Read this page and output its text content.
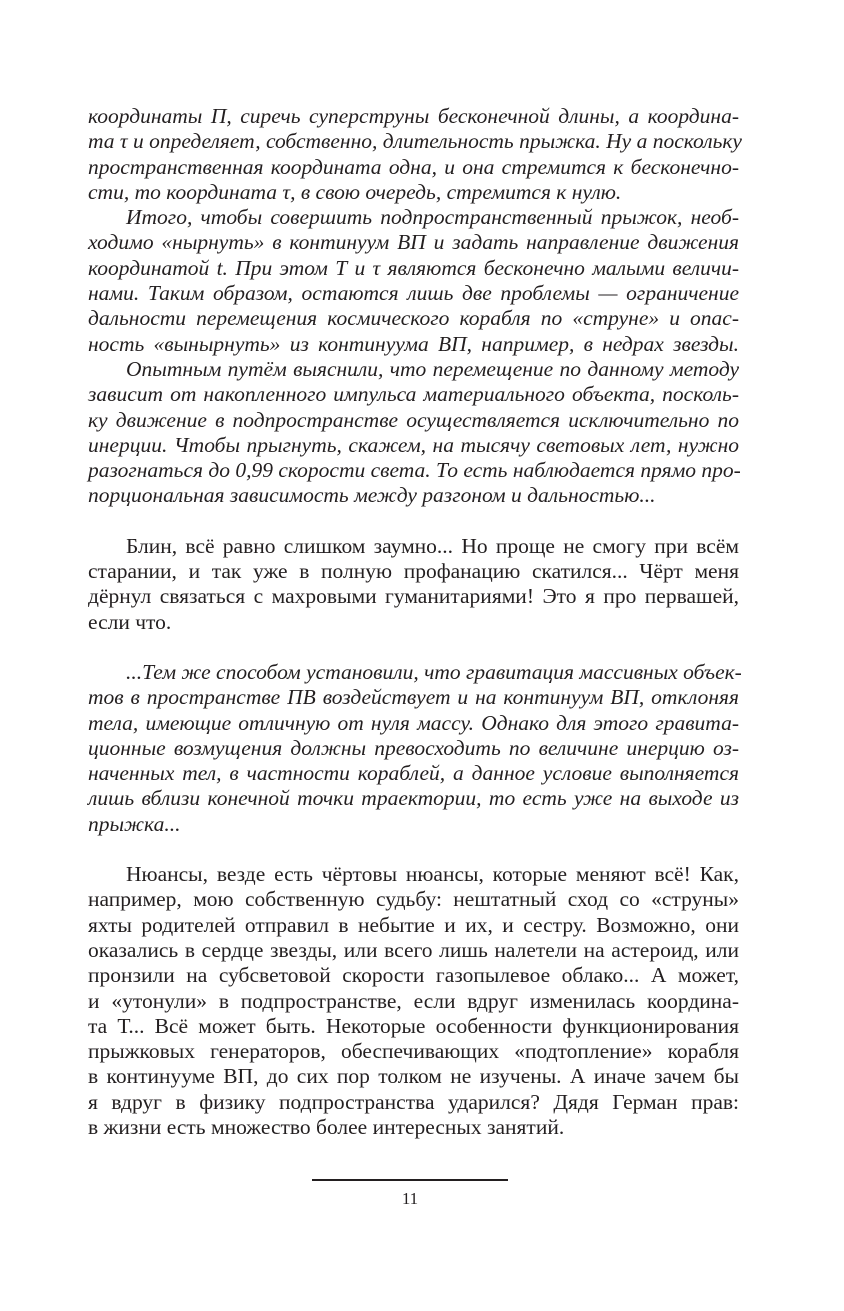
координаты П, сиречь суперструны бесконечной длины, а координа-
та τ и определяет, собственно, длительность прыжка. Ну а поскольку
пространственная координата одна, и она стремится к бесконечно-
сти, то координата τ, в свою очередь, стремится к нулю.
Итого, чтобы совершить подпространственный прыжок, необ-
ходимо «нырнуть» в континуум ВП и задать направление движения
координатой t. При этом Т и τ являются бесконечно малыми величи-
нами. Таким образом, остаются лишь две проблемы — ограничение
дальности перемещения космического корабля по «струне» и опас-
ность «вынырнуть» из континуума ВП, например, в недрах звезды.
Опытным путём выяснили, что перемещение по данному методу
зависит от накопленного импульса материального объекта, посколь-
ку движение в подпространстве осуществляется исключительно по
инерции. Чтобы прыгнуть, скажем, на тысячу световых лет, нужно
разогнаться до 0,99 скорости света. То есть наблюдается прямо про-
порциональная зависимость между разгоном и дальностью...
Блин, всё равно слишком заумно... Но проще не смогу при всём
старании, и так уже в полную профанацию скатился... Чёрт меня
дёрнул связаться с махровыми гуманитариями! Это я про первашей,
если что.
...Тем же способом установили, что гравитация массивных объек-
тов в пространстве ПВ воздействует и на континуум ВП, отклоняя
тела, имеющие отличную от нуля массу. Однако для этого гравита-
ционные возмущения должны превосходить по величине инерцию оз-
наченных тел, в частности кораблей, а данное условие выполняется
лишь вблизи конечной точки траектории, то есть уже на выходе из
прыжка...
Нюансы, везде есть чёртовы нюансы, которые меняют всё! Как,
например, мою собственную судьбу: нештатный сход со «струны»
яхты родителей отправил в небытие и их, и сестру. Возможно, они
оказались в сердце звезды, или всего лишь налетели на астероид, или
пронзили на субсветовой скорости газопылевое облако... А может,
и «утонули» в подпространстве, если вдруг изменилась координа-
та Т... Всё может быть. Некоторые особенности функционирования
прыжковых генераторов, обеспечивающих «подтопление» корабля
в континууме ВП, до сих пор толком не изучены. А иначе зачем бы
я вдруг в физику подпространства ударился? Дядя Герман прав:
в жизни есть множество более интересных занятий.
11
